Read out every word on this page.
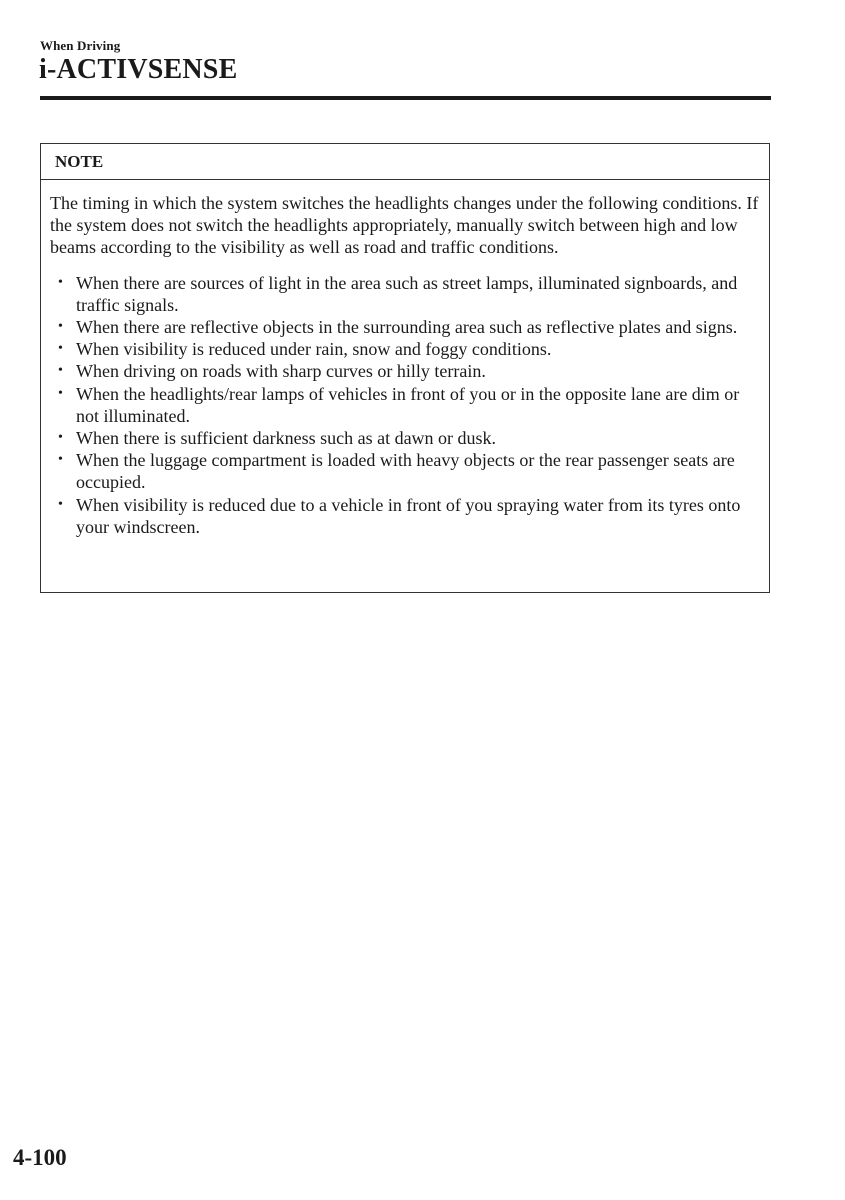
When Driving
i-ACTIVSENSE
NOTE

The timing in which the system switches the headlights changes under the following conditions. If the system does not switch the headlights appropriately, manually switch between high and low beams according to the visibility as well as road and traffic conditions.

• When there are sources of light in the area such as street lamps, illuminated signboards, and traffic signals.
• When there are reflective objects in the surrounding area such as reflective plates and signs.
• When visibility is reduced under rain, snow and foggy conditions.
• When driving on roads with sharp curves or hilly terrain.
• When the headlights/rear lamps of vehicles in front of you or in the opposite lane are dim or not illuminated.
• When there is sufficient darkness such as at dawn or dusk.
• When the luggage compartment is loaded with heavy objects or the rear passenger seats are occupied.
• When visibility is reduced due to a vehicle in front of you spraying water from its tyres onto your windscreen.
4-100
